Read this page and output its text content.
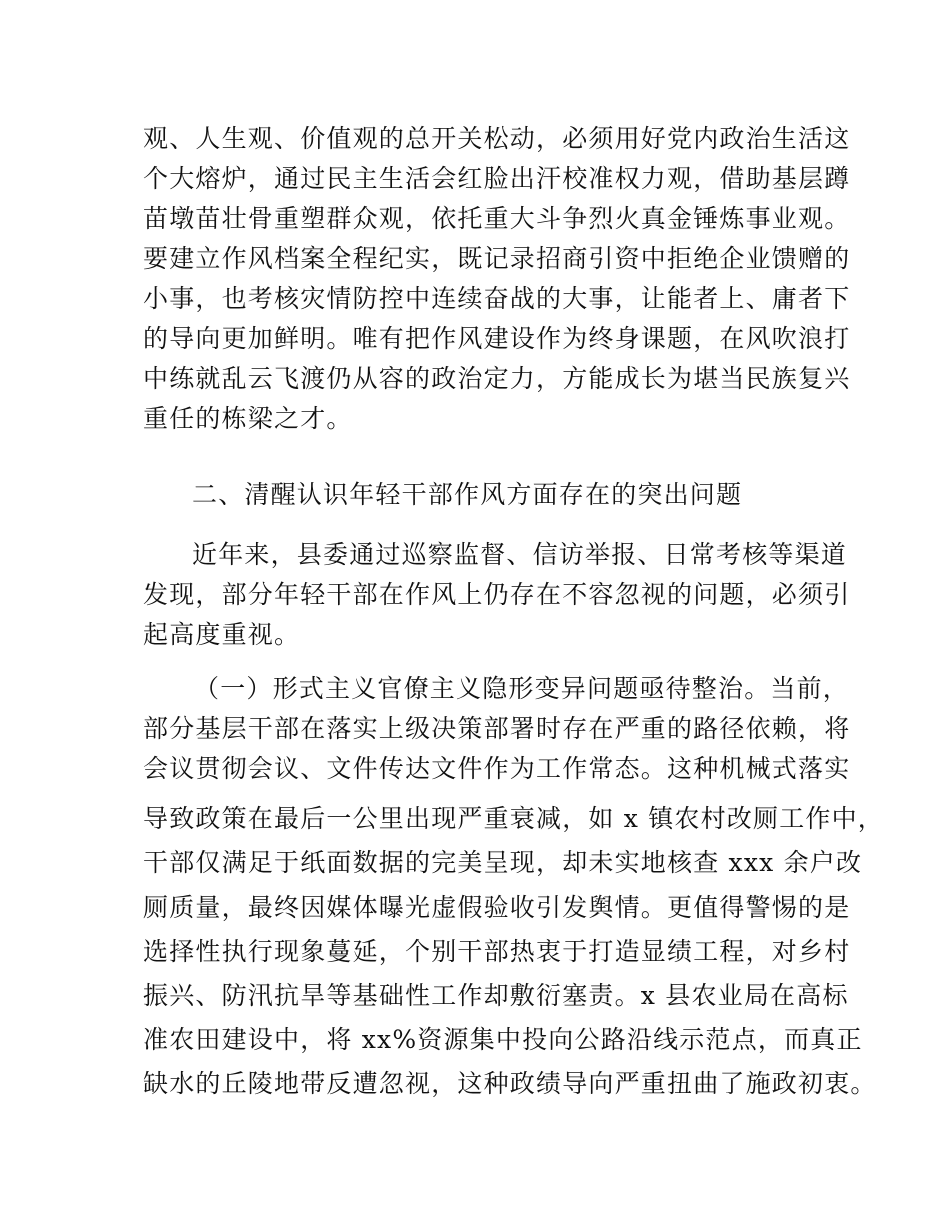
观、人生观、价值观的总开关松动，必须用好党内政治生活这
个大熔炉，通过民主生活会红脸出汗校准权力观，借助基层蹲
苗墩苗壮骨重塑群众观，依托重大斗争烈火真金锤炼事业观。
要建立作风档案全程纪实，既记录招商引资中拒绝企业馈赠的
小事，也考核灾情防控中连续奋战的大事，让能者上、庸者下
的导向更加鲜明。唯有把作风建设作为终身课题，在风吹浪打
中练就乱云飞渡仍从容的政治定力，方能成长为堪当民族复兴
重任的栋梁之才。
二、清醒认识年轻干部作风方面存在的突出问题
近年来，县委通过巡察监督、信访举报、日常考核等渠道
发现，部分年轻干部在作风上仍存在不容忽视的问题，必须引
起高度重视。
（一）形式主义官僚主义隐形变异问题亟待整治。当前，
部分基层干部在落实上级决策部署时存在严重的路径依赖，将
会议贯彻会议、文件传达文件作为工作常态。这种机械式落实
导致政策在最后一公里出现严重衰减，如 x 镇农村改厕工作中，
干部仅满足于纸面数据的完美呈现，却未实地核查 xxx 余户改
厕质量，最终因媒体曝光虚假验收引发舆情。更值得警惕的是
选择性执行现象蔓延，个别干部热衷于打造显绩工程，对乡村
振兴、防汛抗旱等基础性工作却敷衍塞责。x 县农业局在高标
准农田建设中，将 xx%资源集中投向公路沿线示范点，而真正
缺水的丘陵地带反遭忽视，这种政绩导向严重扭曲了施政初衷。
